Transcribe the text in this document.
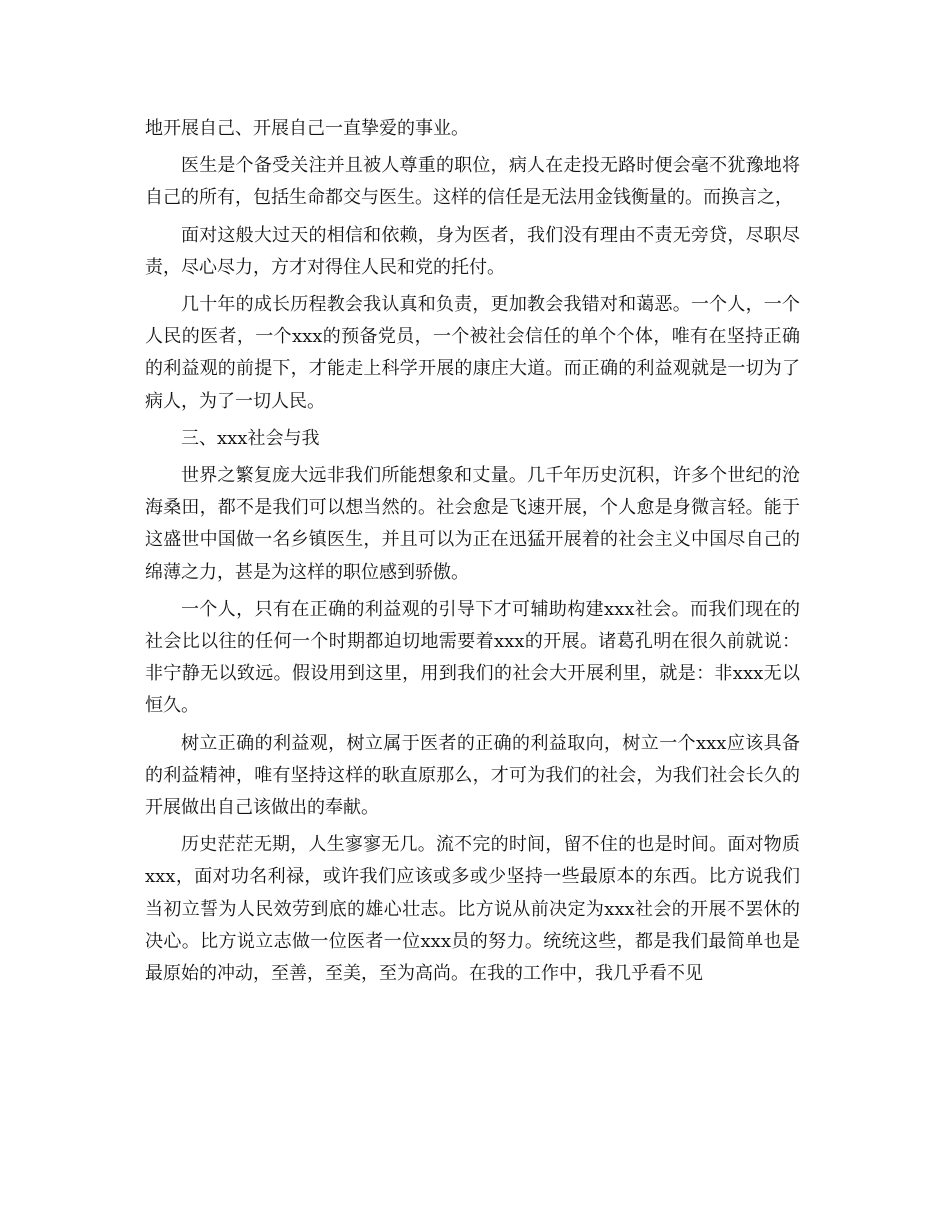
地开展自己、开展自己一直挚爱的事业。

医生是个备受关注并且被人尊重的职位，病人在走投无路时便会毫不犹豫地将自己的所有，包括生命都交与医生。这样的信任是无法用金钱衡量的。而换言之，

面对这般大过天的相信和依赖，身为医者，我们没有理由不责无旁贷，尽职尽责，尽心尽力，方才对得住人民和党的托付。

几十年的成长历程教会我认真和负责，更加教会我错对和蔼恶。一个人，一个人民的医者，一个xxx的预备党员，一个被社会信任的单个个体，唯有在坚持正确的利益观的前提下，才能走上科学开展的康庄大道。而正确的利益观就是一切为了病人，为了一切人民。

三、xxx社会与我

世界之繁复庞大远非我们所能想象和丈量。几千年历史沉积，许多个世纪的沧海桑田，都不是我们可以想当然的。社会愈是飞速开展，个人愈是身微言轻。能于这盛世中国做一名乡镇医生，并且可以为正在迅猛开展着的社会主义中国尽自己的绵薄之力，甚是为这样的职位感到骄傲。

一个人，只有在正确的利益观的引导下才可辅助构建xxx社会。而我们现在的社会比以往的任何一个时期都迫切地需要着xxx的开展。诸葛孔明在很久前就说：非宁静无以致远。假设用到这里，用到我们的社会大开展利里，就是：非xxx无以恒久。

树立正确的利益观，树立属于医者的正确的利益取向，树立一个xxx应该具备的利益精神，唯有坚持这样的耿直原那么，才可为我们的社会，为我们社会长久的开展做出自己该做出的奉献。

历史茫茫无期，人生寥寥无几。流不完的时间，留不住的也是时间。面对物质xxx，面对功名利禄，或许我们应该或多或少坚持一些最原本的东西。比方说我们当初立誓为人民效劳到底的雄心壮志。比方说从前决定为xxx社会的开展不罢休的决心。比方说立志做一位医者一位xxx员的努力。统统这些，都是我们最简单也是最原始的冲动，至善，至美，至为高尚。在我的工作中，我几乎看不见
